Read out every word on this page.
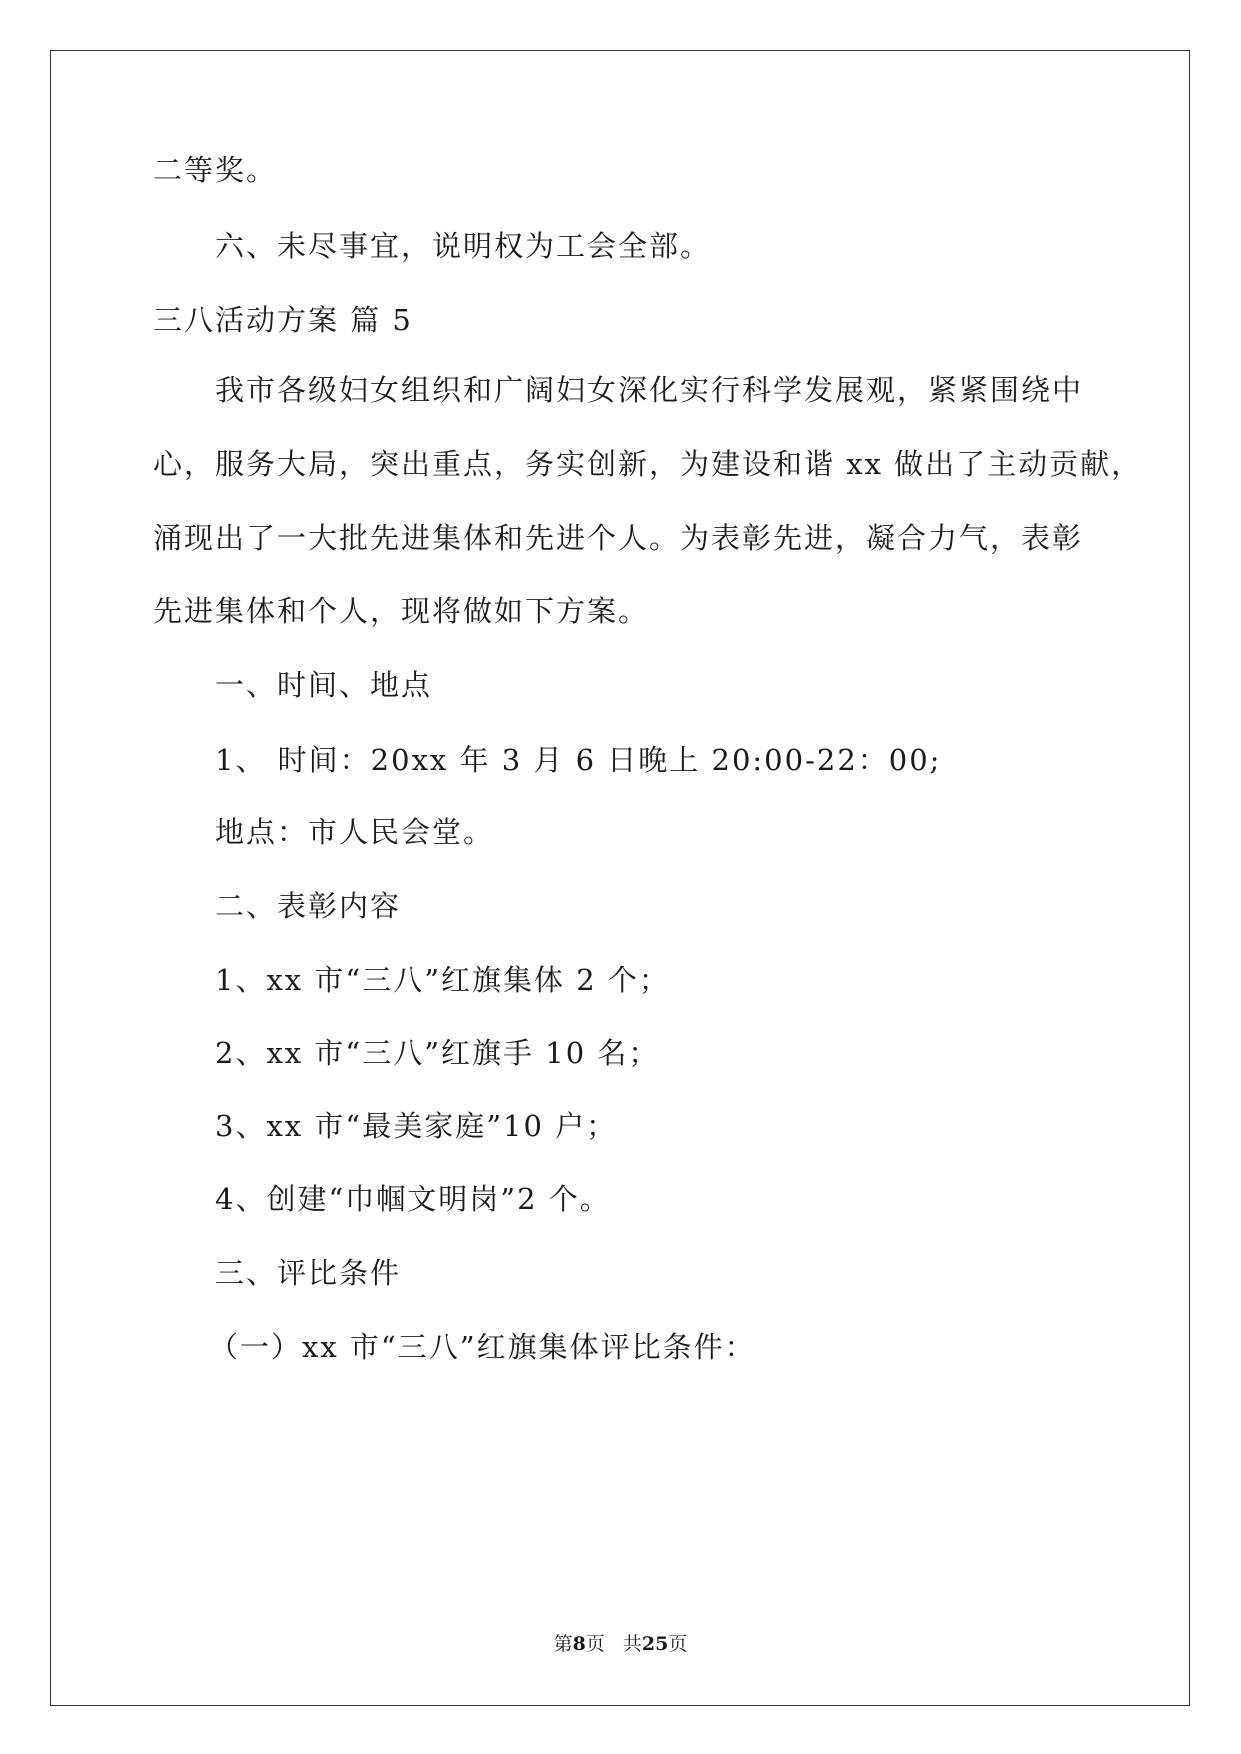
二等奖。
六、未尽事宜，说明权为工会全部。
三八活动方案 篇 5
我市各级妇女组织和广阔妇女深化实行科学发展观，紧紧围绕中
心，服务大局，突出重点，务实创新，为建设和谐 xx 做出了主动贡献，
涌现出了一大批先进集体和先进个人。为表彰先进，凝合力气，表彰
先进集体和个人，现将做如下方案。
一、时间、地点
1、 时间：20xx 年 3 月 6 日晚上 20:00-22：00;
地点：市人民会堂。
二、表彰内容
1、xx 市“三八”红旗集体 2 个；
2、xx 市“三八”红旗手 10 名；
3、xx 市“最美家庭”10 户；
4、创建“巾帼文明岗”2 个。
三、评比条件
（一）xx 市“三八”红旗集体评比条件：
第8页 共25页
